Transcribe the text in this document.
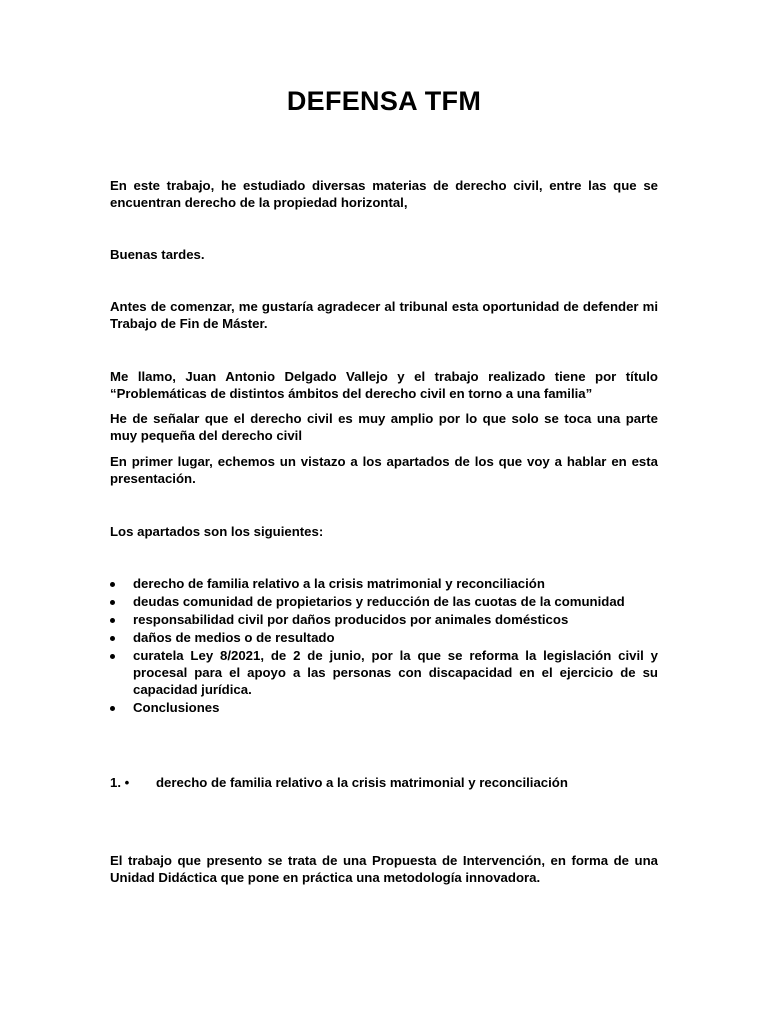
DEFENSA TFM
En este trabajo, he estudiado diversas materias de derecho civil, entre las que se encuentran derecho de la propiedad horizontal,
Buenas tardes.
Antes de comenzar, me gustaría agradecer al tribunal esta oportunidad de defender mi Trabajo de Fin de Máster.
Me llamo, Juan Antonio Delgado Vallejo y el trabajo realizado tiene por título “Problemáticas de distintos ámbitos del derecho civil en torno a una familia”
He de señalar que el derecho civil es muy amplio por lo que solo se toca una parte muy pequeña del derecho civil
En primer lugar, echemos un vistazo a los apartados de los que voy a hablar en esta presentación.
Los apartados son los siguientes:
derecho de familia relativo a la crisis matrimonial y reconciliación
deudas comunidad de propietarios y reducción de las cuotas de la comunidad
responsabilidad civil por daños producidos por animales domésticos
daños de medios o de resultado
curatela Ley 8/2021, de 2 de junio, por la que se reforma la legislación civil y procesal para el apoyo a las personas con discapacidad en el ejercicio de su capacidad jurídica.
Conclusiones
1. • derecho de familia relativo a la crisis matrimonial y reconciliación
El trabajo que presento se trata de una Propuesta de Intervención, en forma de una Unidad Didáctica que pone en práctica una metodología innovadora.
